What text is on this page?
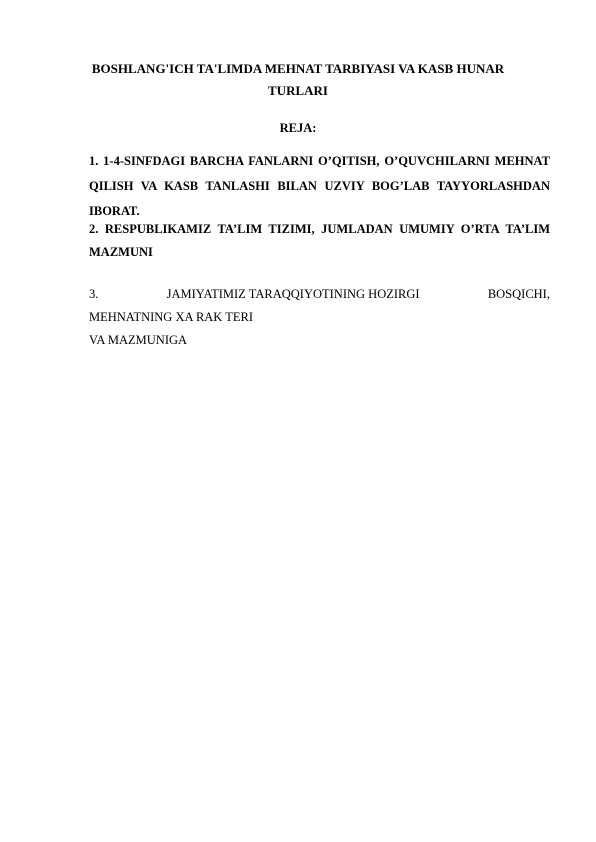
BOSHLANG'ICH TA'LIMDA MEHNAT TARBIYASI VA KASB HUNAR TURLARI
REJA:
1. 1-4-SINFDAGI BARCHA FANLARNI O’QITISH, O’QUVCHILARNI MEHNAT QILISH VA KASB TANLASHI BILAN UZVIY BOG’LAB TAYYORLASHDAN IBORAT.
2. RESPUBLIKAMIZ TA’LIM TIZIMI, JUMLADAN UMUMIY O’RTA TA’LIM MAZMUNI
3.	JAMIYATIMIZ TARAQQIYOTINING HOZIRGI	BOSQICHI,
MEHNATNING XA RAK TERI
VA MAZMUNIGA
